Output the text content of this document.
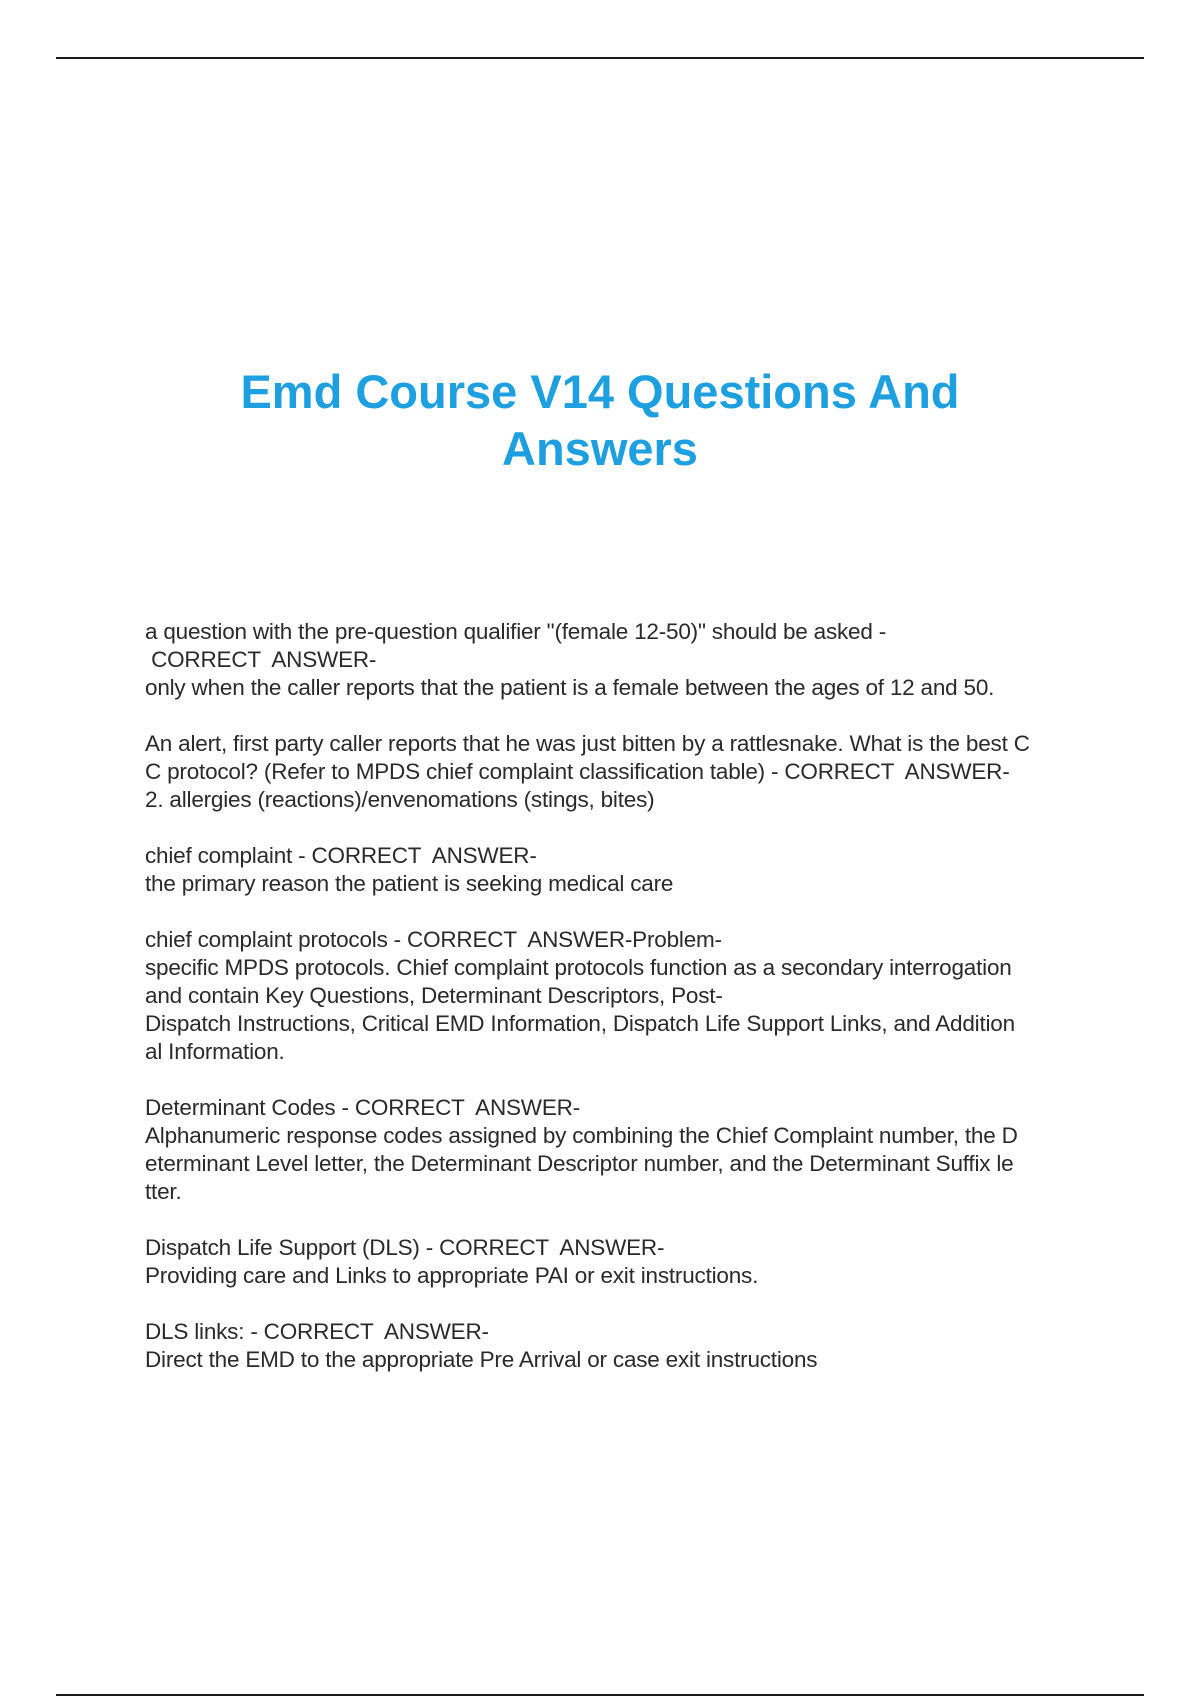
Emd Course V14 Questions And
Answers

a question with the pre-question qualifier "(female 12-50)" should be asked -

CORRECT  ANSWER-

only when the caller reports that the patient is a female between the ages of 12 and 50.

An alert, first party caller reports that he was just bitten by a rattlesnake. What is the best C

C protocol? (Refer to MPDS chief complaint classification table) - CORRECT  ANSWER-

2. allergies (reactions)/envenomations (stings, bites)

chief complaint - CORRECT  ANSWER-

the primary reason the patient is seeking medical care

chief complaint protocols - CORRECT  ANSWER-Problem-

specific MPDS protocols. Chief complaint protocols function as a secondary interrogation

and contain Key Questions, Determinant Descriptors, Post-

Dispatch Instructions, Critical EMD Information, Dispatch Life Support Links, and Addition

al Information.

Determinant Codes - CORRECT  ANSWER-

Alphanumeric response codes assigned by combining the Chief Complaint number, the D

eterminant Level letter, the Determinant Descriptor number, and the Determinant Suffix le

tter.

Dispatch Life Support (DLS) - CORRECT  ANSWER-

Providing care and Links to appropriate PAI or exit instructions.

DLS links: - CORRECT  ANSWER-

Direct the EMD to the appropriate Pre Arrival or case exit instructions
